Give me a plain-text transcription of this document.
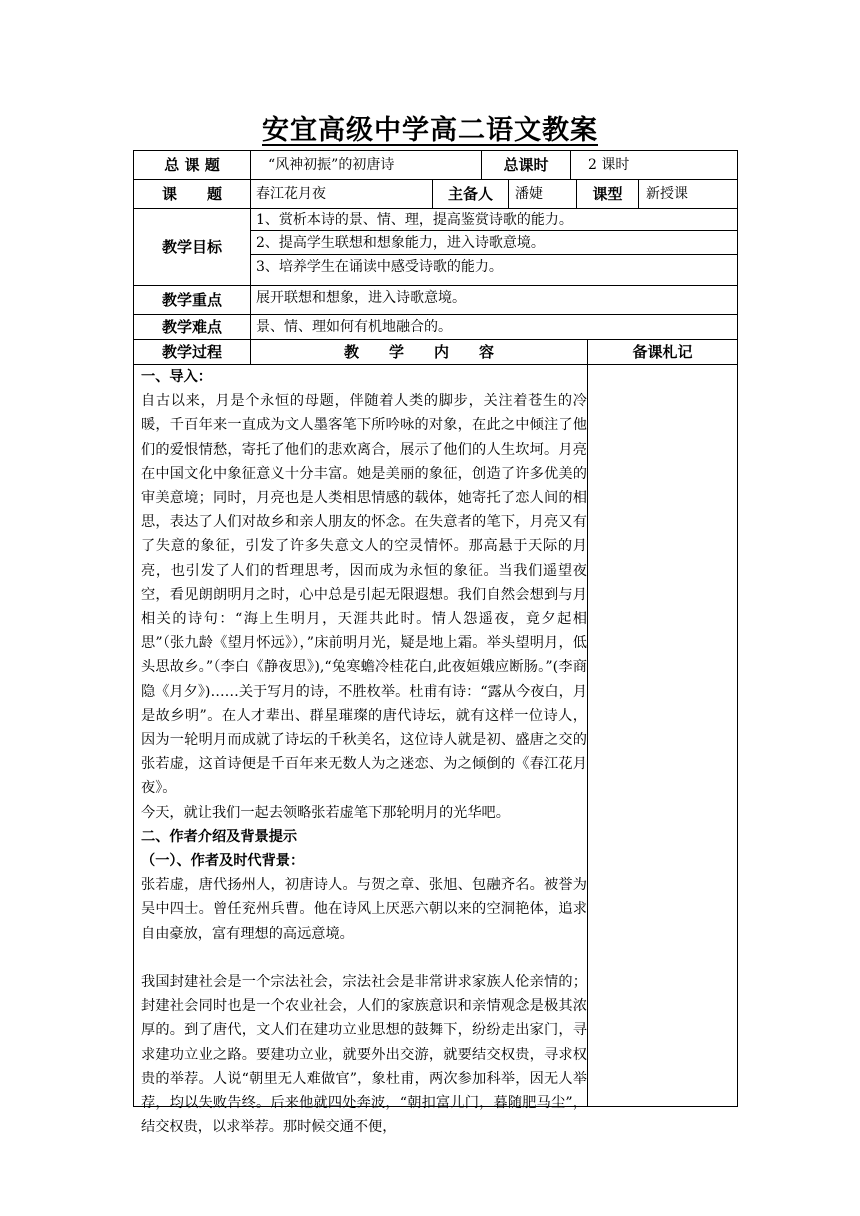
安宜高级中学高二语文教案
总 课 题	“风神初振”的初唐诗	总课时	2 课时
课　　题	春江花月夜	主备人	潘婕	课型	新授课
教学目标
1、赏析本诗的景、情、理，提高鉴赏诗歌的能力。
2、提高学生联想和想象能力，进入诗歌意境。
3、培养学生在诵读中感受诗歌的能力。
教学重点	展开联想和想象，进入诗歌意境。
教学难点	景、情、理如何有机地融合的。
教学过程	教　　学　　内　　容	备课札记

一、导入：

自古以来，月是个永恒的母题，伴随着人类的脚步，关注着苍生的冷暖，千百年来一直成为文人墨客笔下所吟咏的对象，在此之中倾注了他们的爱恨情愁，寄托了他们的悲欢离合，展示了他们的人生坎坷。月亮在中国文化中象征意义十分丰富。她是美丽的象征，创造了许多优美的审美意境；同时，月亮也是人类相思情感的载体，她寄托了恋人间的相思，表达了人们对故乡和亲人朋友的怀念。在失意者的笔下，月亮又有了失意的象征，引发了许多失意文人的空灵情怀。那高悬于天际的月亮，也引发了人们的哲理思考，因而成为永恒的象征。当我们遥望夜空，看见朗朗明月之时，心中总是引起无限遐想。我们自然会想到与月相关的诗句：“海上生明月，天涯共此时。情人怨遥夜，竟夕起相思”（张九龄《望月怀远》），”床前明月光，疑是地上霜。举头望明月，低头思故乡。”（李白《静夜思》),“兔寒蟾冷桂花白,此夜姮娥应断肠。”(李商隐《月夕》)……关于写月的诗，不胜枚举。杜甫有诗：“露从今夜白，月是故乡明”。在人才辈出、群星璀璨的唐代诗坛，就有这样一位诗人，因为一轮明月而成就了诗坛的千秋美名，这位诗人就是初、盛唐之交的张若虚，这首诗便是千百年来无数人为之迷恋、为之倾倒的《春江花月夜》。

今天，就让我们一起去领略张若虚笔下那轮明月的光华吧。

二、作者介绍及背景提示

（一）、作者及时代背景：

张若虚，唐代扬州人，初唐诗人。与贺之章、张旭、包融齐名。被誉为吴中四士。曾任兖州兵曹。他在诗风上厌恶六朝以来的空洞艳体，追求自由豪放，富有理想的高远意境。

我国封建社会是一个宗法社会，宗法社会是非常讲求家族人伦亲情的；封建社会同时也是一个农业社会，人们的家族意识和亲情观念是极其浓厚的。到了唐代，文人们在建功立业思想的鼓舞下，纷纷走出家门，寻求建功立业之路。要建功立业，就要外出交游，就要结交权贵，寻求权贵的举荐。人说“朝里无人难做官”，象杜甫，两次参加科举，因无人举荐，均以失败告终。后来他就四处奔波，“朝扣富儿门，暮随肥马尘”，结交权贵，以求举荐。那时候交通不便，
